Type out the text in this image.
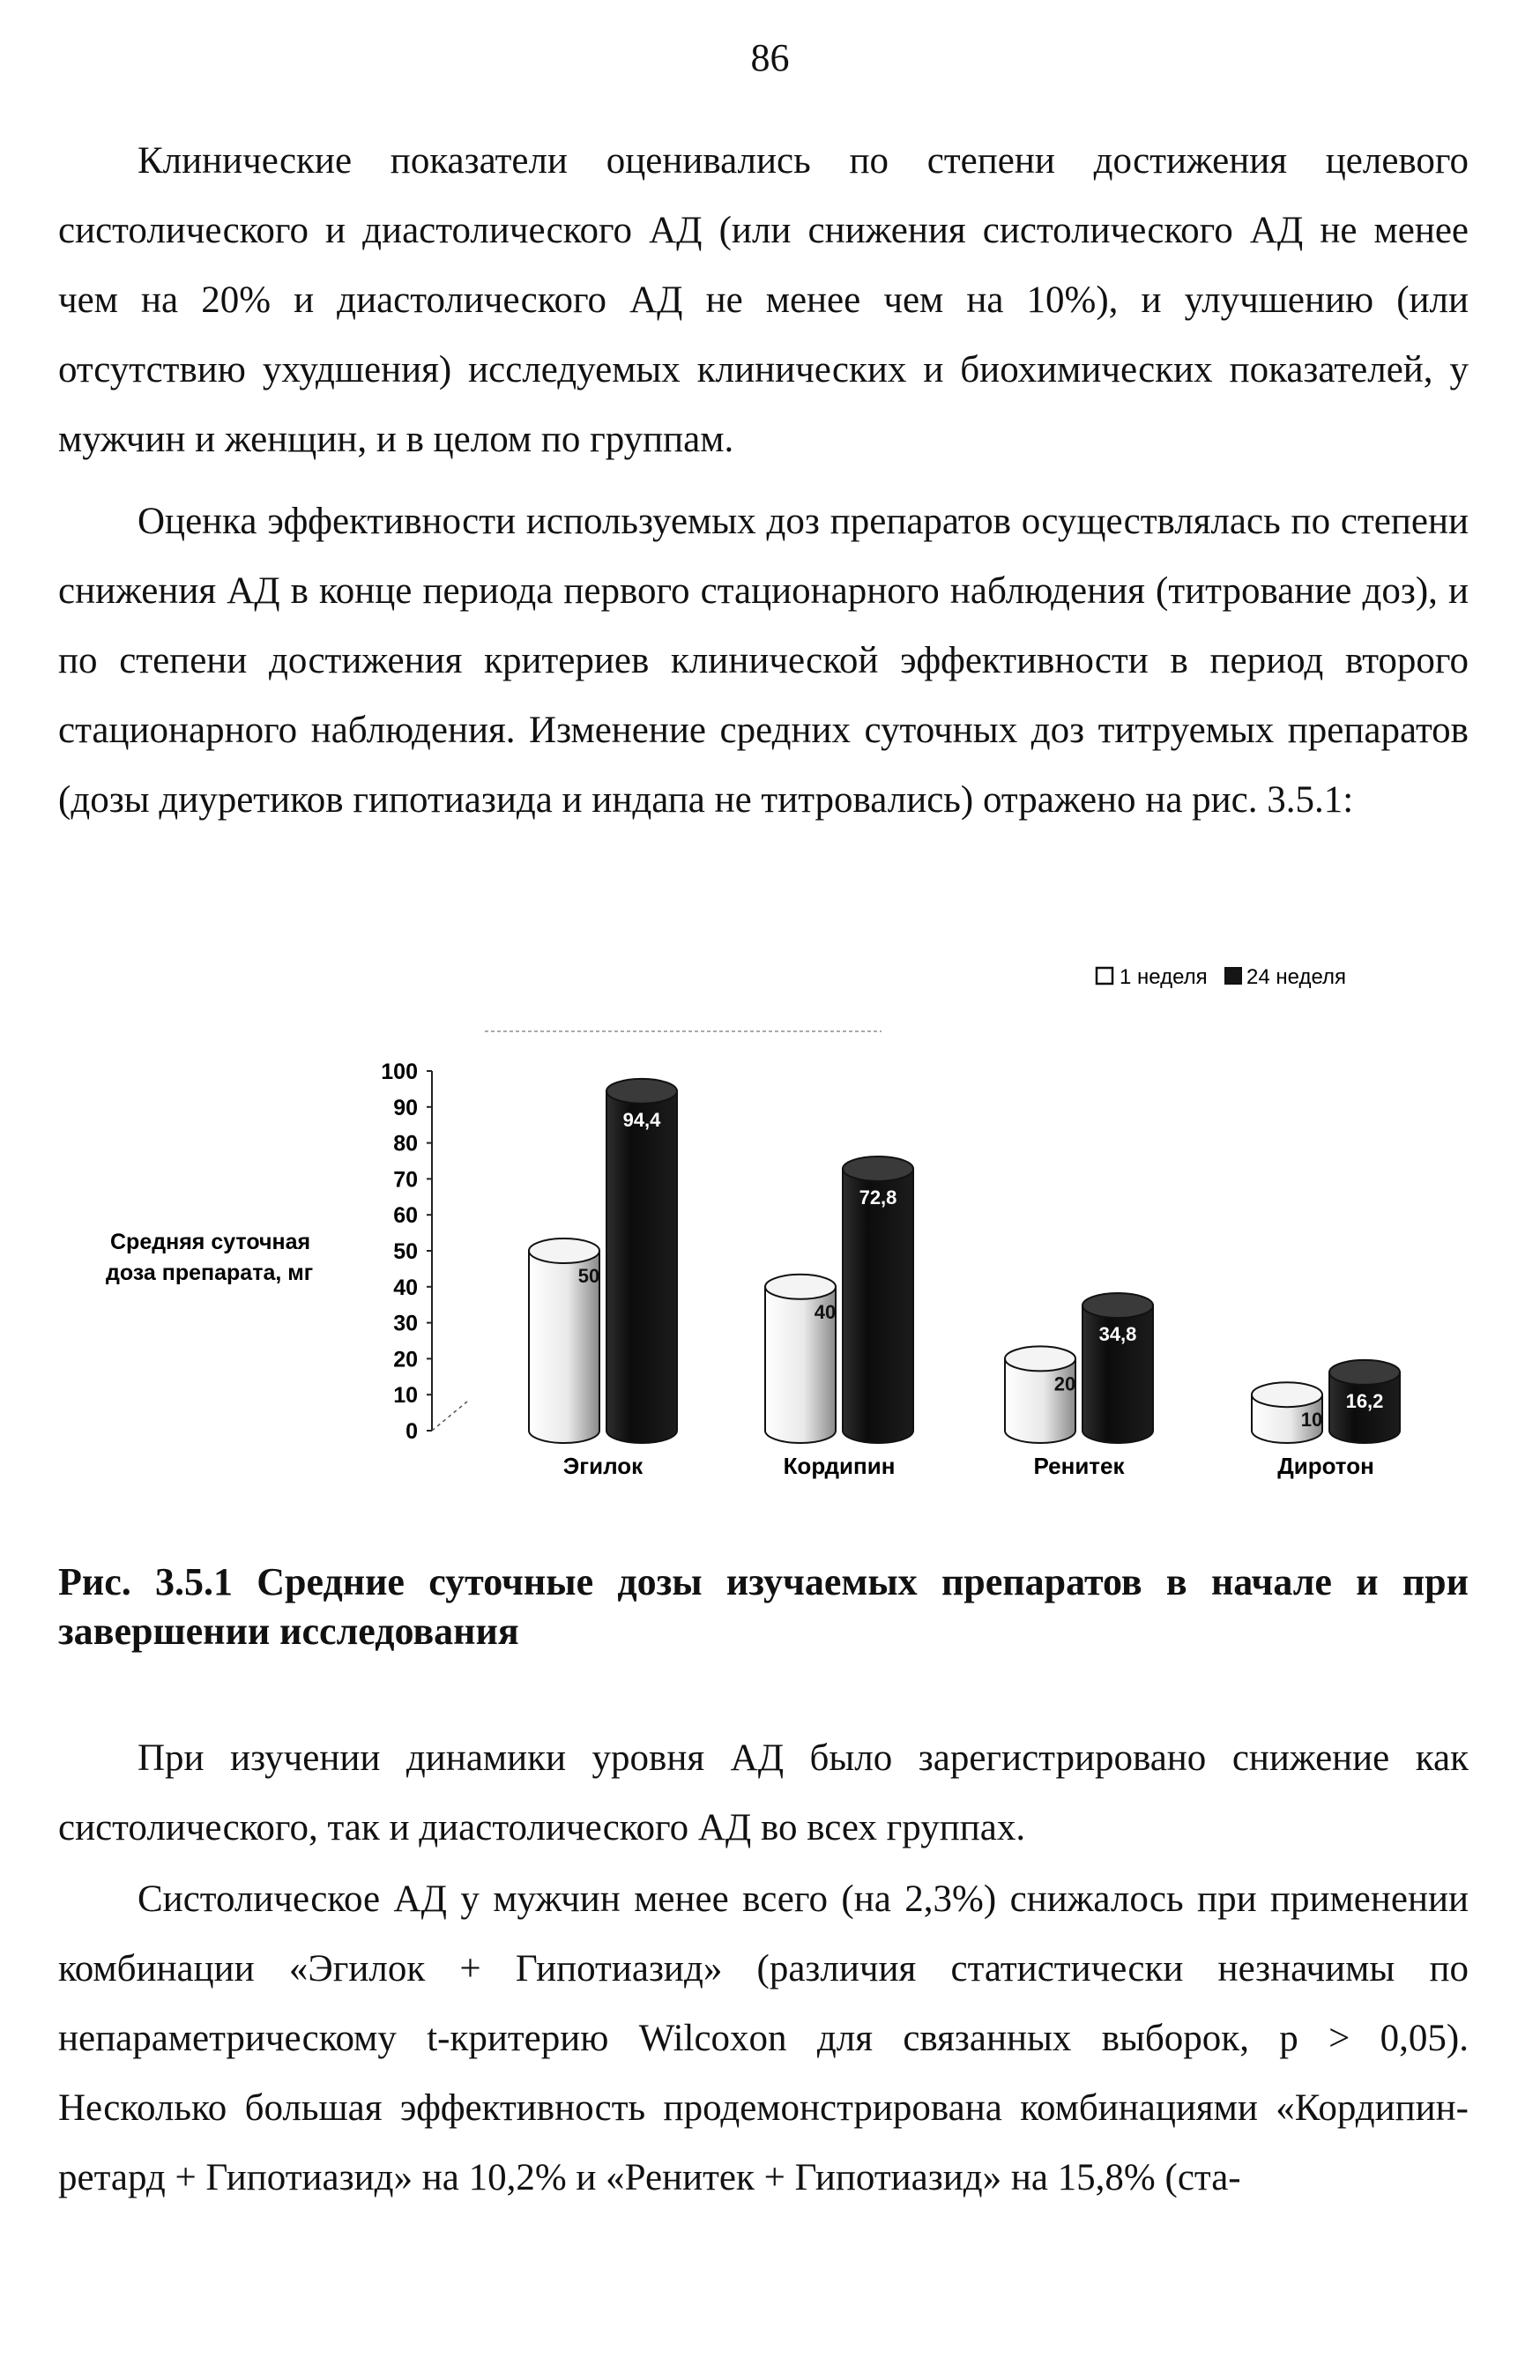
86

Клинические показатели оценивались по степени достижения целевого систолического и диастолического АД (или снижения систолического АД не менее чем на 20% и диастолического АД не менее чем на 10%), и улучшению (или отсутствию ухудшения) исследуемых клинических и биохимических показателей, у мужчин и женщин, и в целом по группам.

Оценка эффективности используемых доз препаратов осуществлялась по степени снижения АД в конце периода первого стационарного наблюдения (титрование доз), и по степени достижения критериев клинической эффективности в период второго стационарного наблюдения. Изменение средних суточных доз титруемых препаратов (дозы диуретиков гипотиазида и индапа не титровались) отражено на рис. 3.5.1:

1 неделя 24 неделя
Средняя суточная
доза препарата, мг
0
10
20
30
40
50
60
70
80
90
100
Эгилок	Кордипин	Ренитек	Диротон
50
94,4
40
72,8
20
34,8
10
16,2

Рис. 3.5.1 Средние суточные дозы изучаемых препаратов в начале и при завершении исследования

При изучении динамики уровня АД было зарегистрировано снижение как систолического, так и диастолического АД во всех группах.

Систолическое АД у мужчин менее всего (на 2,3%) снижалось при применении комбинации «Эгилок + Гипотиазид» (различия статистически незначимы по непараметрическому t-критерию Wilcoxon для связанных выборок, p > 0,05). Несколько большая эффективность продемонстрирована комбинациями «Кордипин-ретард + Гипотиазид» на 10,2% и «Ренитек + Гипотиазид» на 15,8% (ста-
